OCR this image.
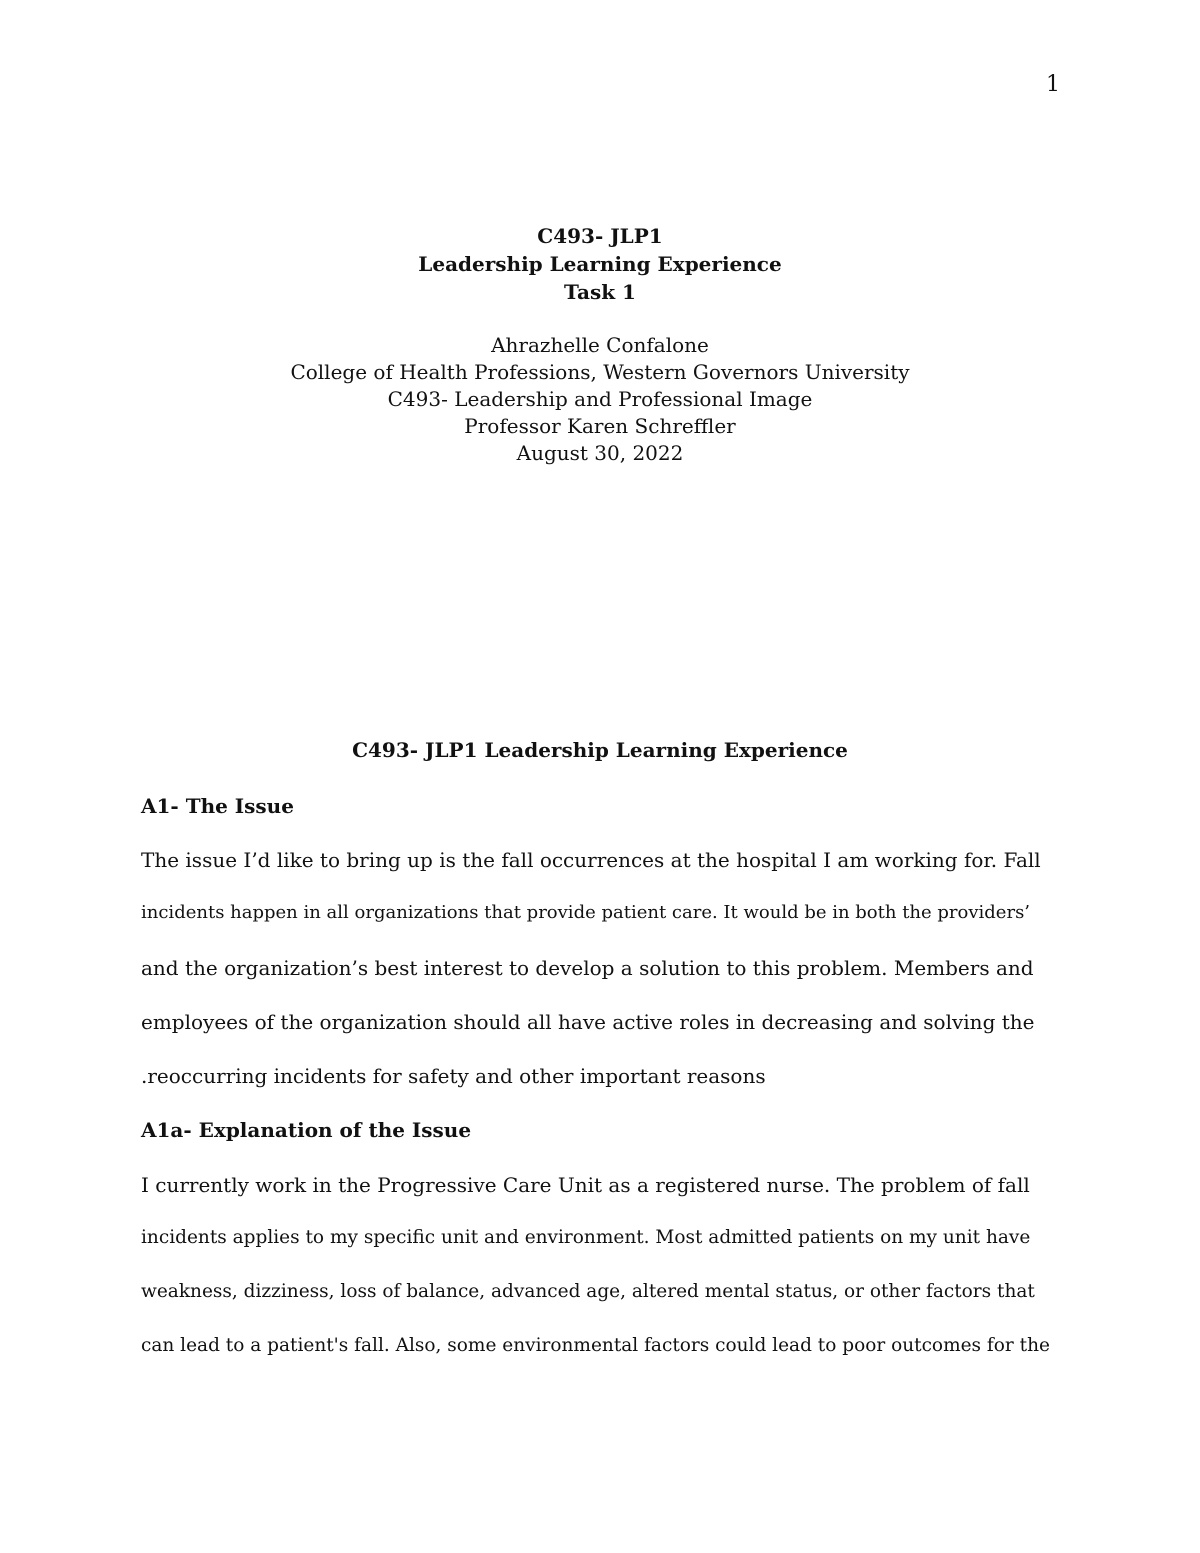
1
C493- JLP1
Leadership Learning Experience
Task 1
Ahrazhelle Confalone
College of Health Professions, Western Governors University
C493- Leadership and Professional Image
Professor Karen Schreffler
August 30, 2022
C493- JLP1 Leadership Learning Experience
A1- The Issue
The issue I’d like to bring up is the fall occurrences at the hospital I am working for. Fall
incidents happen in all organizations that provide patient care. It would be in both the providers’
and the organization’s best interest to develop a solution to this problem. Members and
employees of the organization should all have active roles in decreasing and solving the
.reoccurring incidents for safety and other important reasons
A1a- Explanation of the Issue
I currently work in the Progressive Care Unit as a registered nurse. The problem of fall
incidents applies to my specific unit and environment. Most admitted patients on my unit have
weakness, dizziness, loss of balance, advanced age, altered mental status, or other factors that
can lead to a patient's fall. Also, some environmental factors could lead to poor outcomes for the
